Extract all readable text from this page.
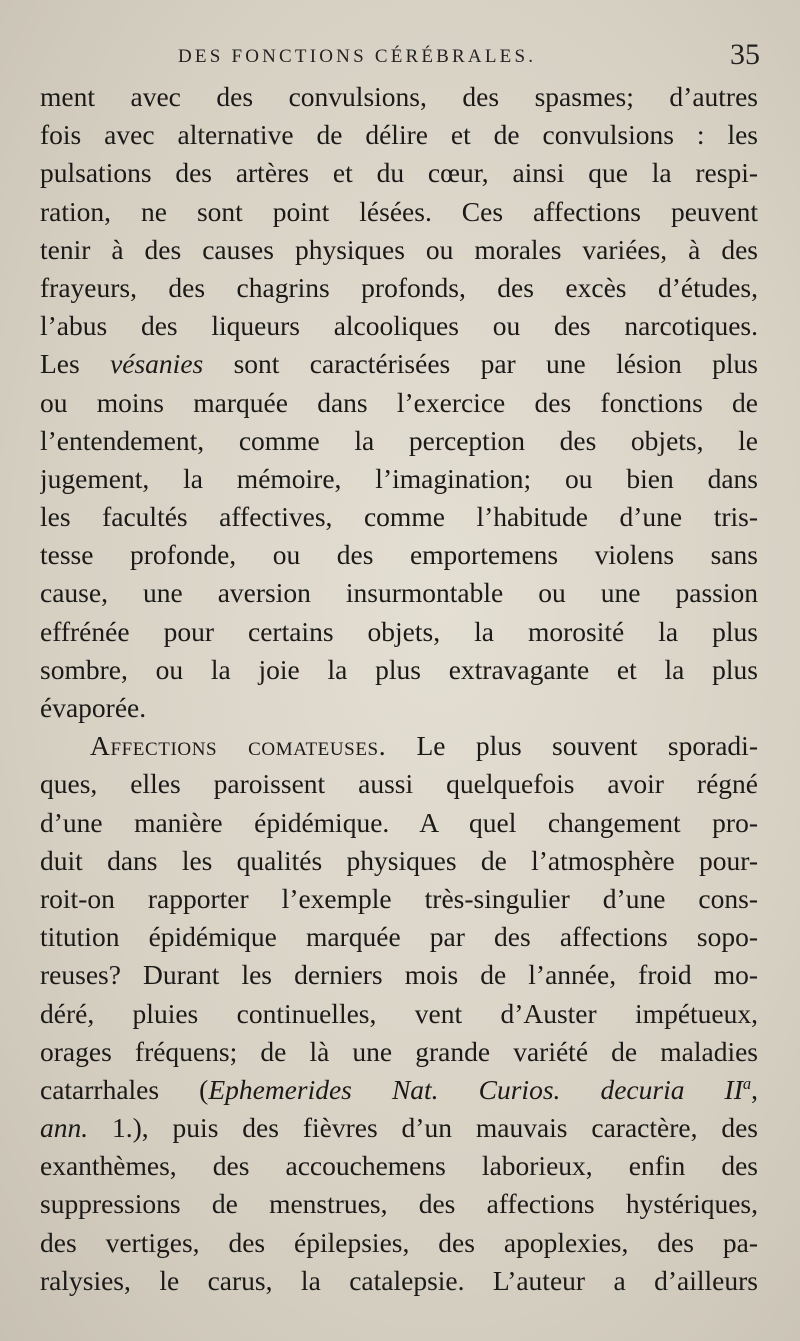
DES FONCTIONS CÉRÉBRALES.	35
ment avec des convulsions, des spasmes; d’autres
fois avec alternative de délire et de convulsions : les
pulsations des artères et du cœur, ainsi que la respi-
ration, ne sont point lésées. Ces affections peuvent
tenir à des causes physiques ou morales variées, à des
frayeurs, des chagrins profonds, des excès d’études,
l’abus des liqueurs alcooliques ou des narcotiques.
Les vésanies sont caractérisées par une lésion plus
ou moins marquée dans l’exercice des fonctions de
l’entendement, comme la perception des objets, le
jugement, la mémoire, l’imagination; ou bien dans
les facultés affectives, comme l’habitude d’une tris-
tesse profonde, ou des emportemens violens sans
cause, une aversion insurmontable ou une passion
effrénée pour certains objets, la morosité la plus
sombre, ou la joie la plus extravagante et la plus
évaporée.
Affections comateuses. Le plus souvent sporadi-
ques, elles paroissent aussi quelquefois avoir régné
d’une manière épidémique. A quel changement pro-
duit dans les qualités physiques de l’atmosphère pour-
roit-on rapporter l’exemple très-singulier d’une cons-
titution épidémique marquée par des affections sopo-
reuses? Durant les derniers mois de l’année, froid mo-
déré, pluies continuelles, vent d’Auster impétueux,
orages fréquens; de là une grande variété de maladies
catarrhales (Ephemerides Nat. Curios. decuria $II^a$,
ann. 1.), puis des fièvres d’un mauvais caractère, des
exanthèmes, des accouchemens laborieux, enfin des
suppressions de menstrues, des affections hystériques,
des vertiges, des épilepsies, des apoplexies, des pa-
ralysies, le carus, la catalepsie. L’auteur a d’ailleurs
